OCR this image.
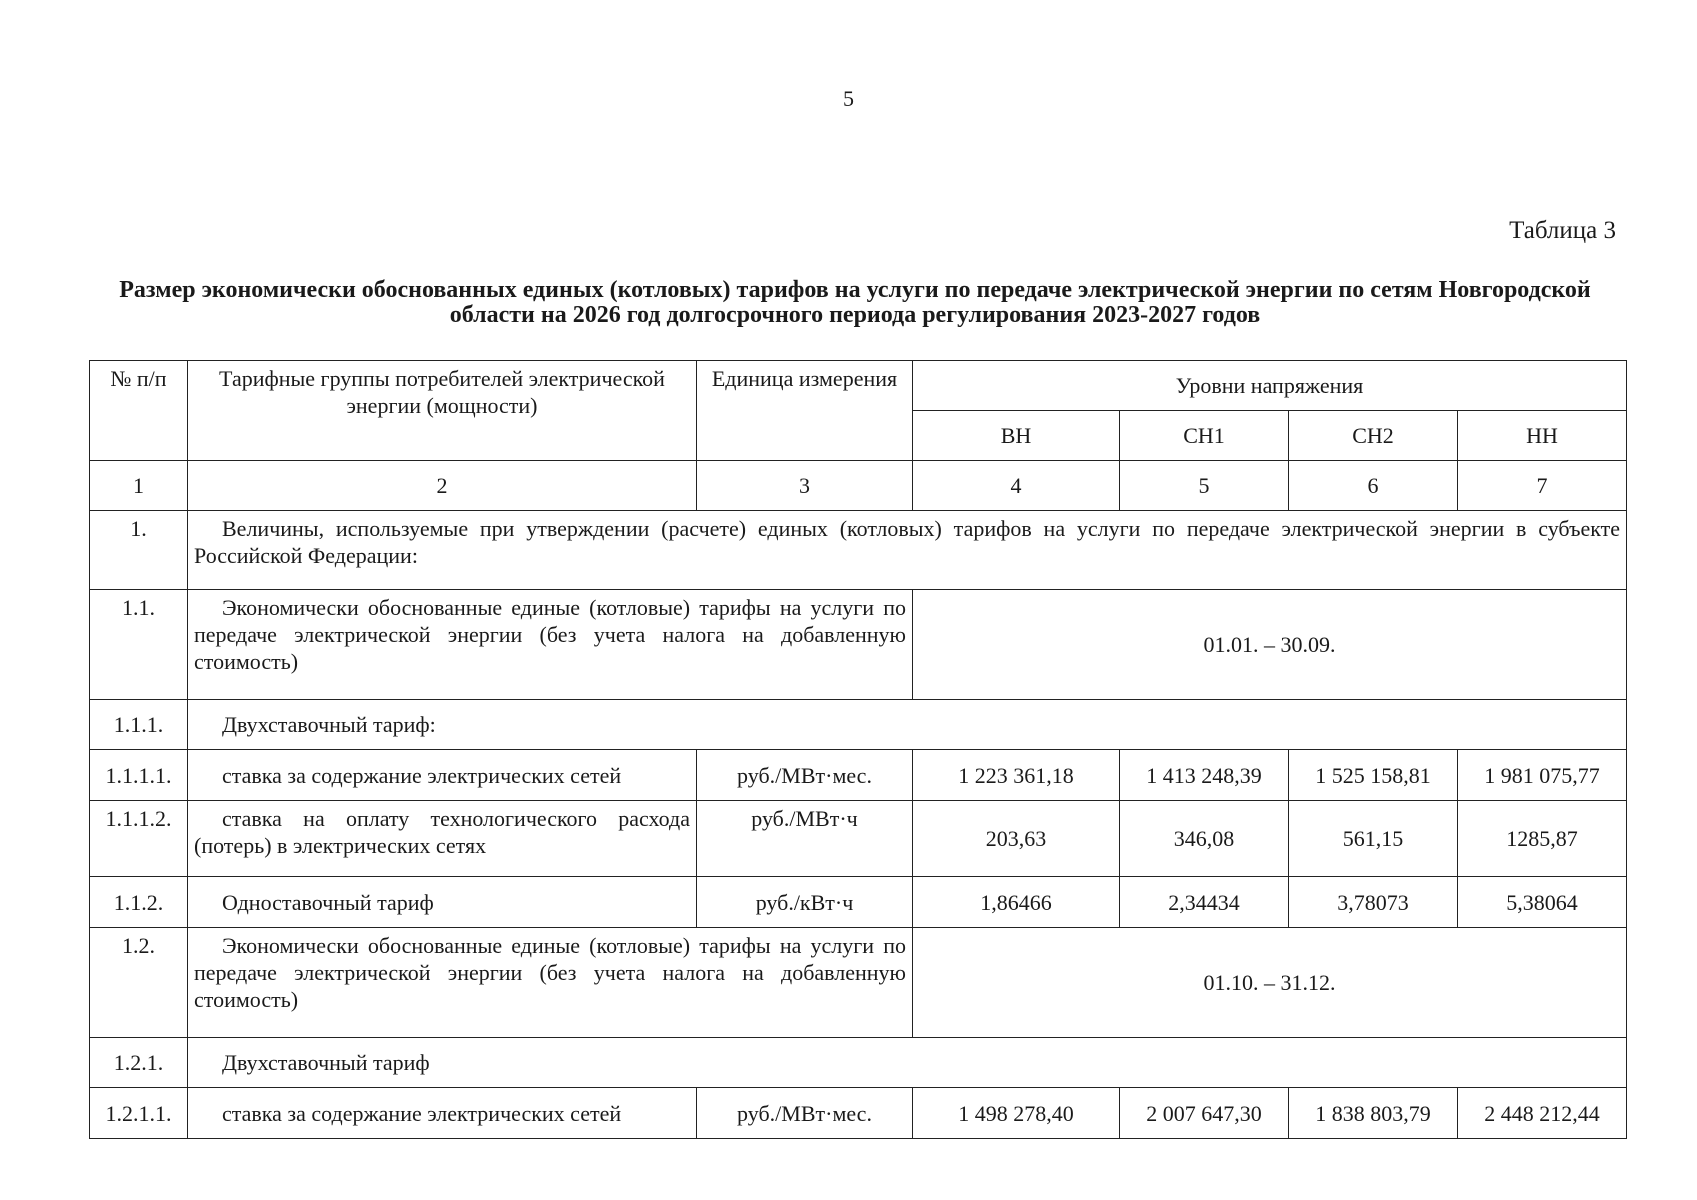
5
Таблица 3
Размер экономически обоснованных единых (котловых) тарифов на услуги по передаче электрической энергии по сетям Новгородской области на 2026 год долгосрочного периода регулирования 2023-2027 годов
№ п/п	Тарифные группы потребителей электрической энергии (мощности)	Единица измерения	Уровни напряжения			
			ВН	СН1	СН2	НН
1	2	3	4	5	6	7
1.	Величины, используемые при утверждении (расчете) единых (котловых) тарифов на услуги по передаче электрической энергии в субъекте Российской Федерации:					
1.1.	Экономически обоснованные единые (котловые) тарифы на услуги по передаче электрической энергии (без учета налога на добавленную стоимость)		01.01. – 30.09.			
1.1.1.	Двухставочный тариф:					
1.1.1.1.	ставка за содержание электрических сетей	руб./МВт·мес.	1 223 361,18	1 413 248,39	1 525 158,81	1 981 075,77
1.1.1.2.	ставка на оплату технологического расхода (потерь) в электрических сетях	руб./МВт·ч	203,63	346,08	561,15	1285,87
1.1.2.	Одноставочный тариф	руб./кВт·ч	1,86466	2,34434	3,78073	5,38064
1.2.	Экономически обоснованные единые (котловые) тарифы на услуги по передаче электрической энергии (без учета налога на добавленную стоимость)		01.10. – 31.12.			
1.2.1.	Двухставочный тариф					
1.2.1.1.	ставка за содержание электрических сетей	руб./МВт·мес.	1 498 278,40	2 007 647,30	1 838 803,79	2 448 212,44
